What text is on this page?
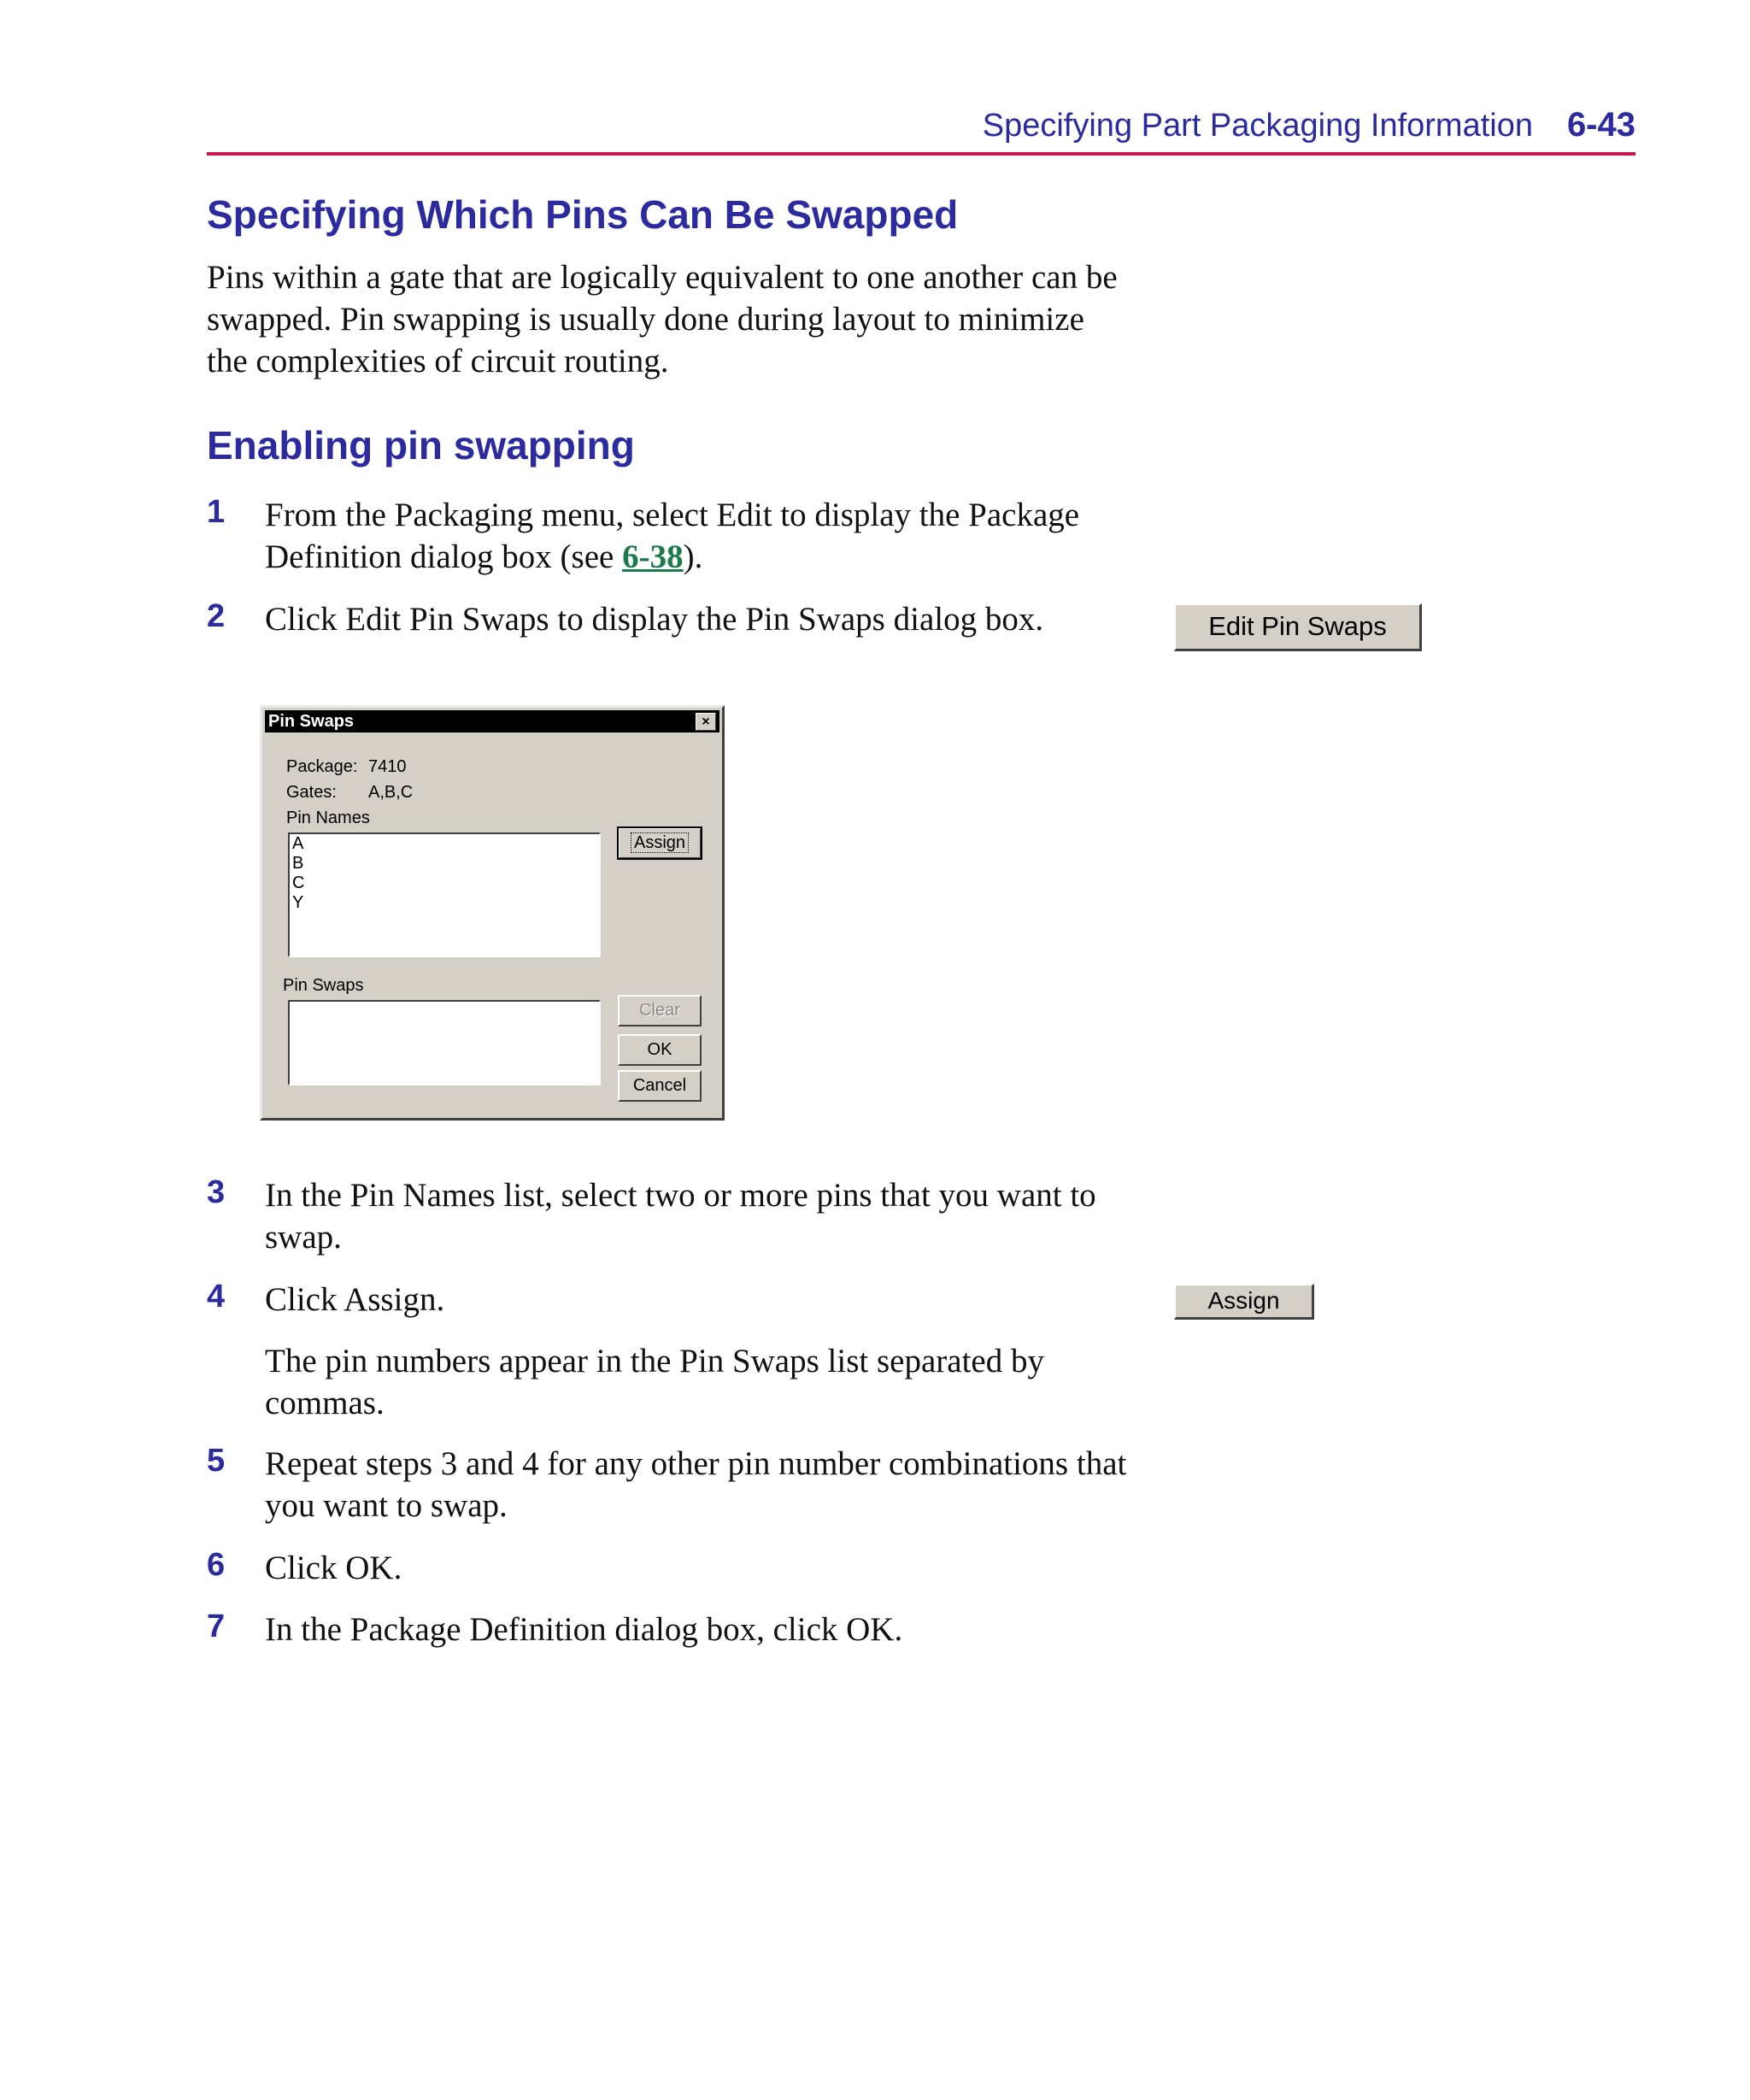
Specifying Part Packaging Information 6-43
Specifying Which Pins Can Be Swapped

Pins within a gate that are logically equivalent to one another can be swapped. Pin swapping is usually done during layout to minimize the complexities of circuit routing.

Enabling pin swapping
1 From the Packaging menu, select Edit to display the Package Definition dialog box (see 6-38).
2 Click Edit Pin Swaps to display the Pin Swaps dialog box.	Edit Pin Swaps
Pin Swaps	×
Package: 7410
Gates: A,B,C
Pin Names
A
B
C
Y
Assign
Pin Swaps
Clear
OK
Cancel
3 In the Pin Names list, select two or more pins that you want to swap.
4 Click Assign.	Assign

The pin numbers appear in the Pin Swaps list separated by commas.

5 Repeat steps 3 and 4 for any other pin number combinations that you want to swap.
6 Click OK.
7 In the Package Definition dialog box, click OK.
